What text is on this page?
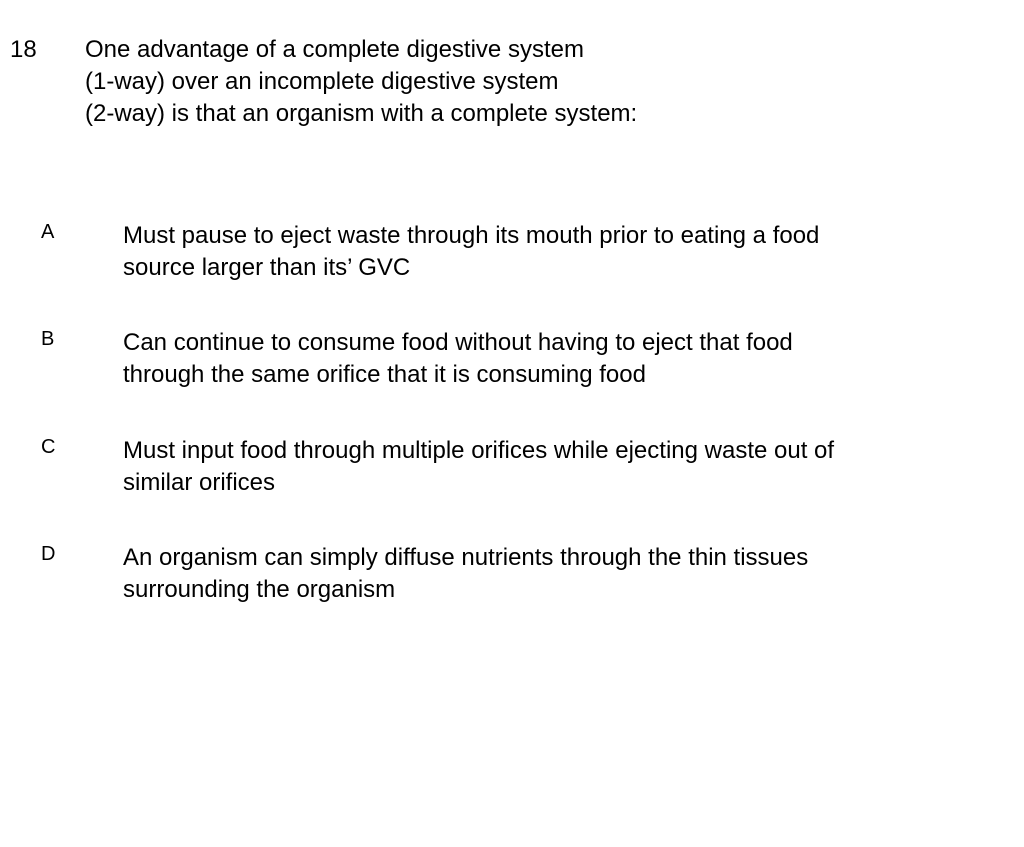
18 One advantage of a complete digestive system
(1-way) over an incomplete digestive system
(2-way) is that an organism with a complete system:
A	Must pause to eject waste through its mouth prior to eating a food
source larger than its’ GVC
B	Can continue to consume food without having to eject that food
through the same orifice that it is consuming food
C	Must input food through multiple orifices while ejecting waste out of
similar orifices
D	An organism can simply diffuse nutrients through the thin tissues
surrounding the organism
